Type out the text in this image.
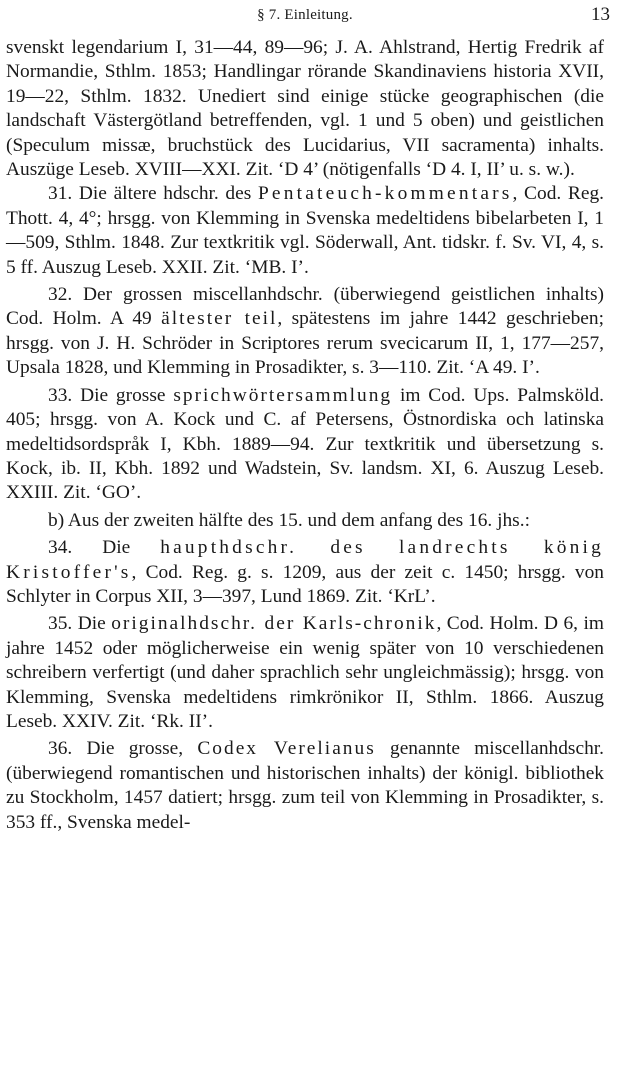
§ 7. Einleitung.	13

svenskt legendarium I, 31—44, 89—96; J. A. Ahlstrand, Hertig Fredrik af Normandie, Sthlm. 1853; Handlingar rörande Skandinaviens historia XVII, 19—22, Sthlm. 1832. Unediert sind einige stücke geographischen (die landschaft Västergötland betreffenden, vgl. 1 und 5 oben) und geistlichen (Speculum missæ, bruchstück des Lucidarius, VII sacramenta) inhalts. Auszüge Leseb. XVIII—XXI. Zit. ‘D 4’ (nötigenfalls ‘D 4. I, II’ u. s. w.).

31. Die ältere hdschr. des Pentateuch-kommentars, Cod. Reg. Thott. 4, 4°; hrsgg. von Klemming in Svenska medeltidens bibelarbeten I, 1—509, Sthlm. 1848. Zur textkritik vgl. Söderwall, Ant. tidskr. f. Sv. VI, 4, s. 5 ff. Auszug Leseb. XXII. Zit. ‘MB. I’.

32. Der grossen miscellanhdschr. (überwiegend geistlichen inhalts) Cod. Holm. A 49 ältester teil, spätestens im jahre 1442 geschrieben; hrsgg. von J. H. Schröder in Scriptores rerum svecicarum II, 1, 177—257, Upsala 1828, und Klemming in Prosadikter, s. 3—110. Zit. ‘A 49. I’.

33. Die grosse sprichwörtersammlung im Cod. Ups. Palmsköld. 405; hrsgg. von A. Kock und C. af Petersens, Östnordiska och latinska medeltidsordspråk I, Kbh. 1889—94. Zur textkritik und übersetzung s. Kock, ib. II, Kbh. 1892 und Wadstein, Sv. landsm. XI, 6. Auszug Leseb. XXIII. Zit. ‘GO’.

b) Aus der zweiten hälfte des 15. und dem anfang des 16. jhs.:

34. Die haupthdschr. des landrechts könig Kristoffer's, Cod. Reg. g. s. 1209, aus der zeit c. 1450; hrsgg. von Schlyter in Corpus XII, 3—397, Lund 1869. Zit. ‘KrL’.

35. Die originalhdschr. der Karls-chronik, Cod. Holm. D 6, im jahre 1452 oder möglicherweise ein wenig später von 10 verschiedenen schreibern verfertigt (und daher sprachlich sehr ungleichmässig); hrsgg. von Klemming, Svenska medeltidens rimkrönikor II, Sthlm. 1866. Auszug Leseb. XXIV. Zit. ‘Rk. II’.

36. Die grosse, Codex Verelianus genannte miscellanhdschr. (überwiegend romantischen und historischen inhalts) der königl. bibliothek zu Stockholm, 1457 datiert; hrsgg. zum teil von Klemming in Prosadikter, s. 353 ff., Svenska medel-
